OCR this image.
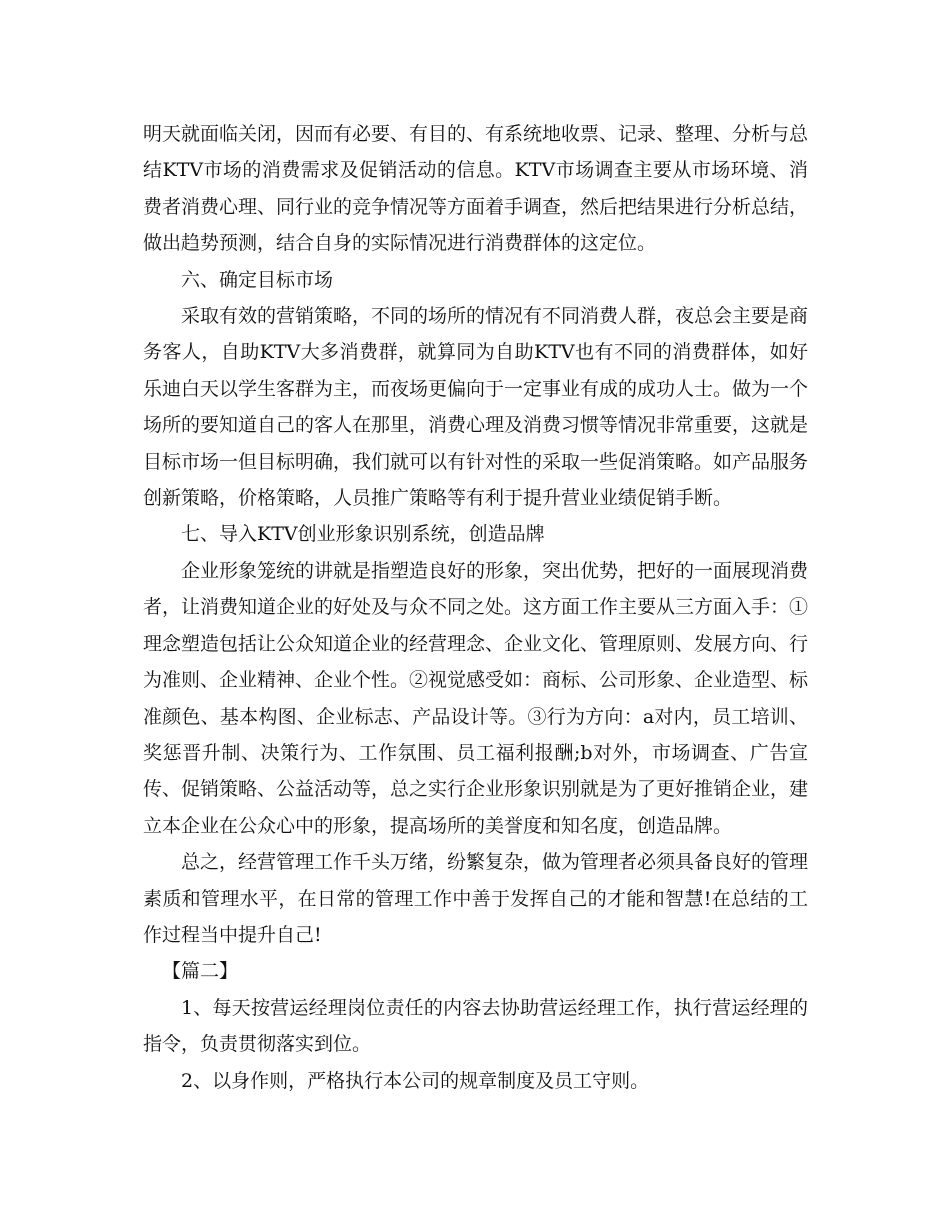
明天就面临关闭，因而有必要、有目的、有系统地收票、记录、整理、分析与总结KTV市场的消费需求及促销活动的信息。KTV市场调查主要从市场环境、消费者消费心理、同行业的竞争情况等方面着手调查，然后把结果进行分析总结，做出趋势预测，结合自身的实际情况进行消费群体的这定位。

六、确定目标市场

采取有效的营销策略，不同的场所的情况有不同消费人群，夜总会主要是商务客人，自助KTV大多消费群，就算同为自助KTV也有不同的消费群体，如好乐迪白天以学生客群为主，而夜场更偏向于一定事业有成的成功人士。做为一个场所的要知道自己的客人在那里，消费心理及消费习惯等情况非常重要，这就是目标市场一但目标明确，我们就可以有针对性的采取一些促消策略。如产品服务创新策略，价格策略，人员推广策略等有利于提升营业业绩促销手断。

七、导入KTV创业形象识别系统，创造品牌

企业形象笼统的讲就是指塑造良好的形象，突出优势，把好的一面展现消费者，让消费知道企业的好处及与众不同之处。这方面工作主要从三方面入手：①理念塑造包括让公众知道企业的经营理念、企业文化、管理原则、发展方向、行为准则、企业精神、企业个性。②视觉感受如：商标、公司形象、企业造型、标准颜色、基本构图、企业标志、产品设计等。③行为方向：a对内，员工培训、奖惩晋升制、决策行为、工作氛围、员工福利报酬;b对外，市场调查、广告宣传、促销策略、公益活动等，总之实行企业形象识别就是为了更好推销企业，建立本企业在公众心中的形象，提高场所的美誉度和知名度，创造品牌。

总之，经营管理工作千头万绪，纷繁复杂，做为管理者必须具备良好的管理素质和管理水平，在日常的管理工作中善于发挥自己的才能和智慧!在总结的工作过程当中提升自己!

【篇二】

1、每天按营运经理岗位责任的内容去协助营运经理工作，执行营运经理的指令，负责贯彻落实到位。

2、以身作则，严格执行本公司的规章制度及员工守则。
